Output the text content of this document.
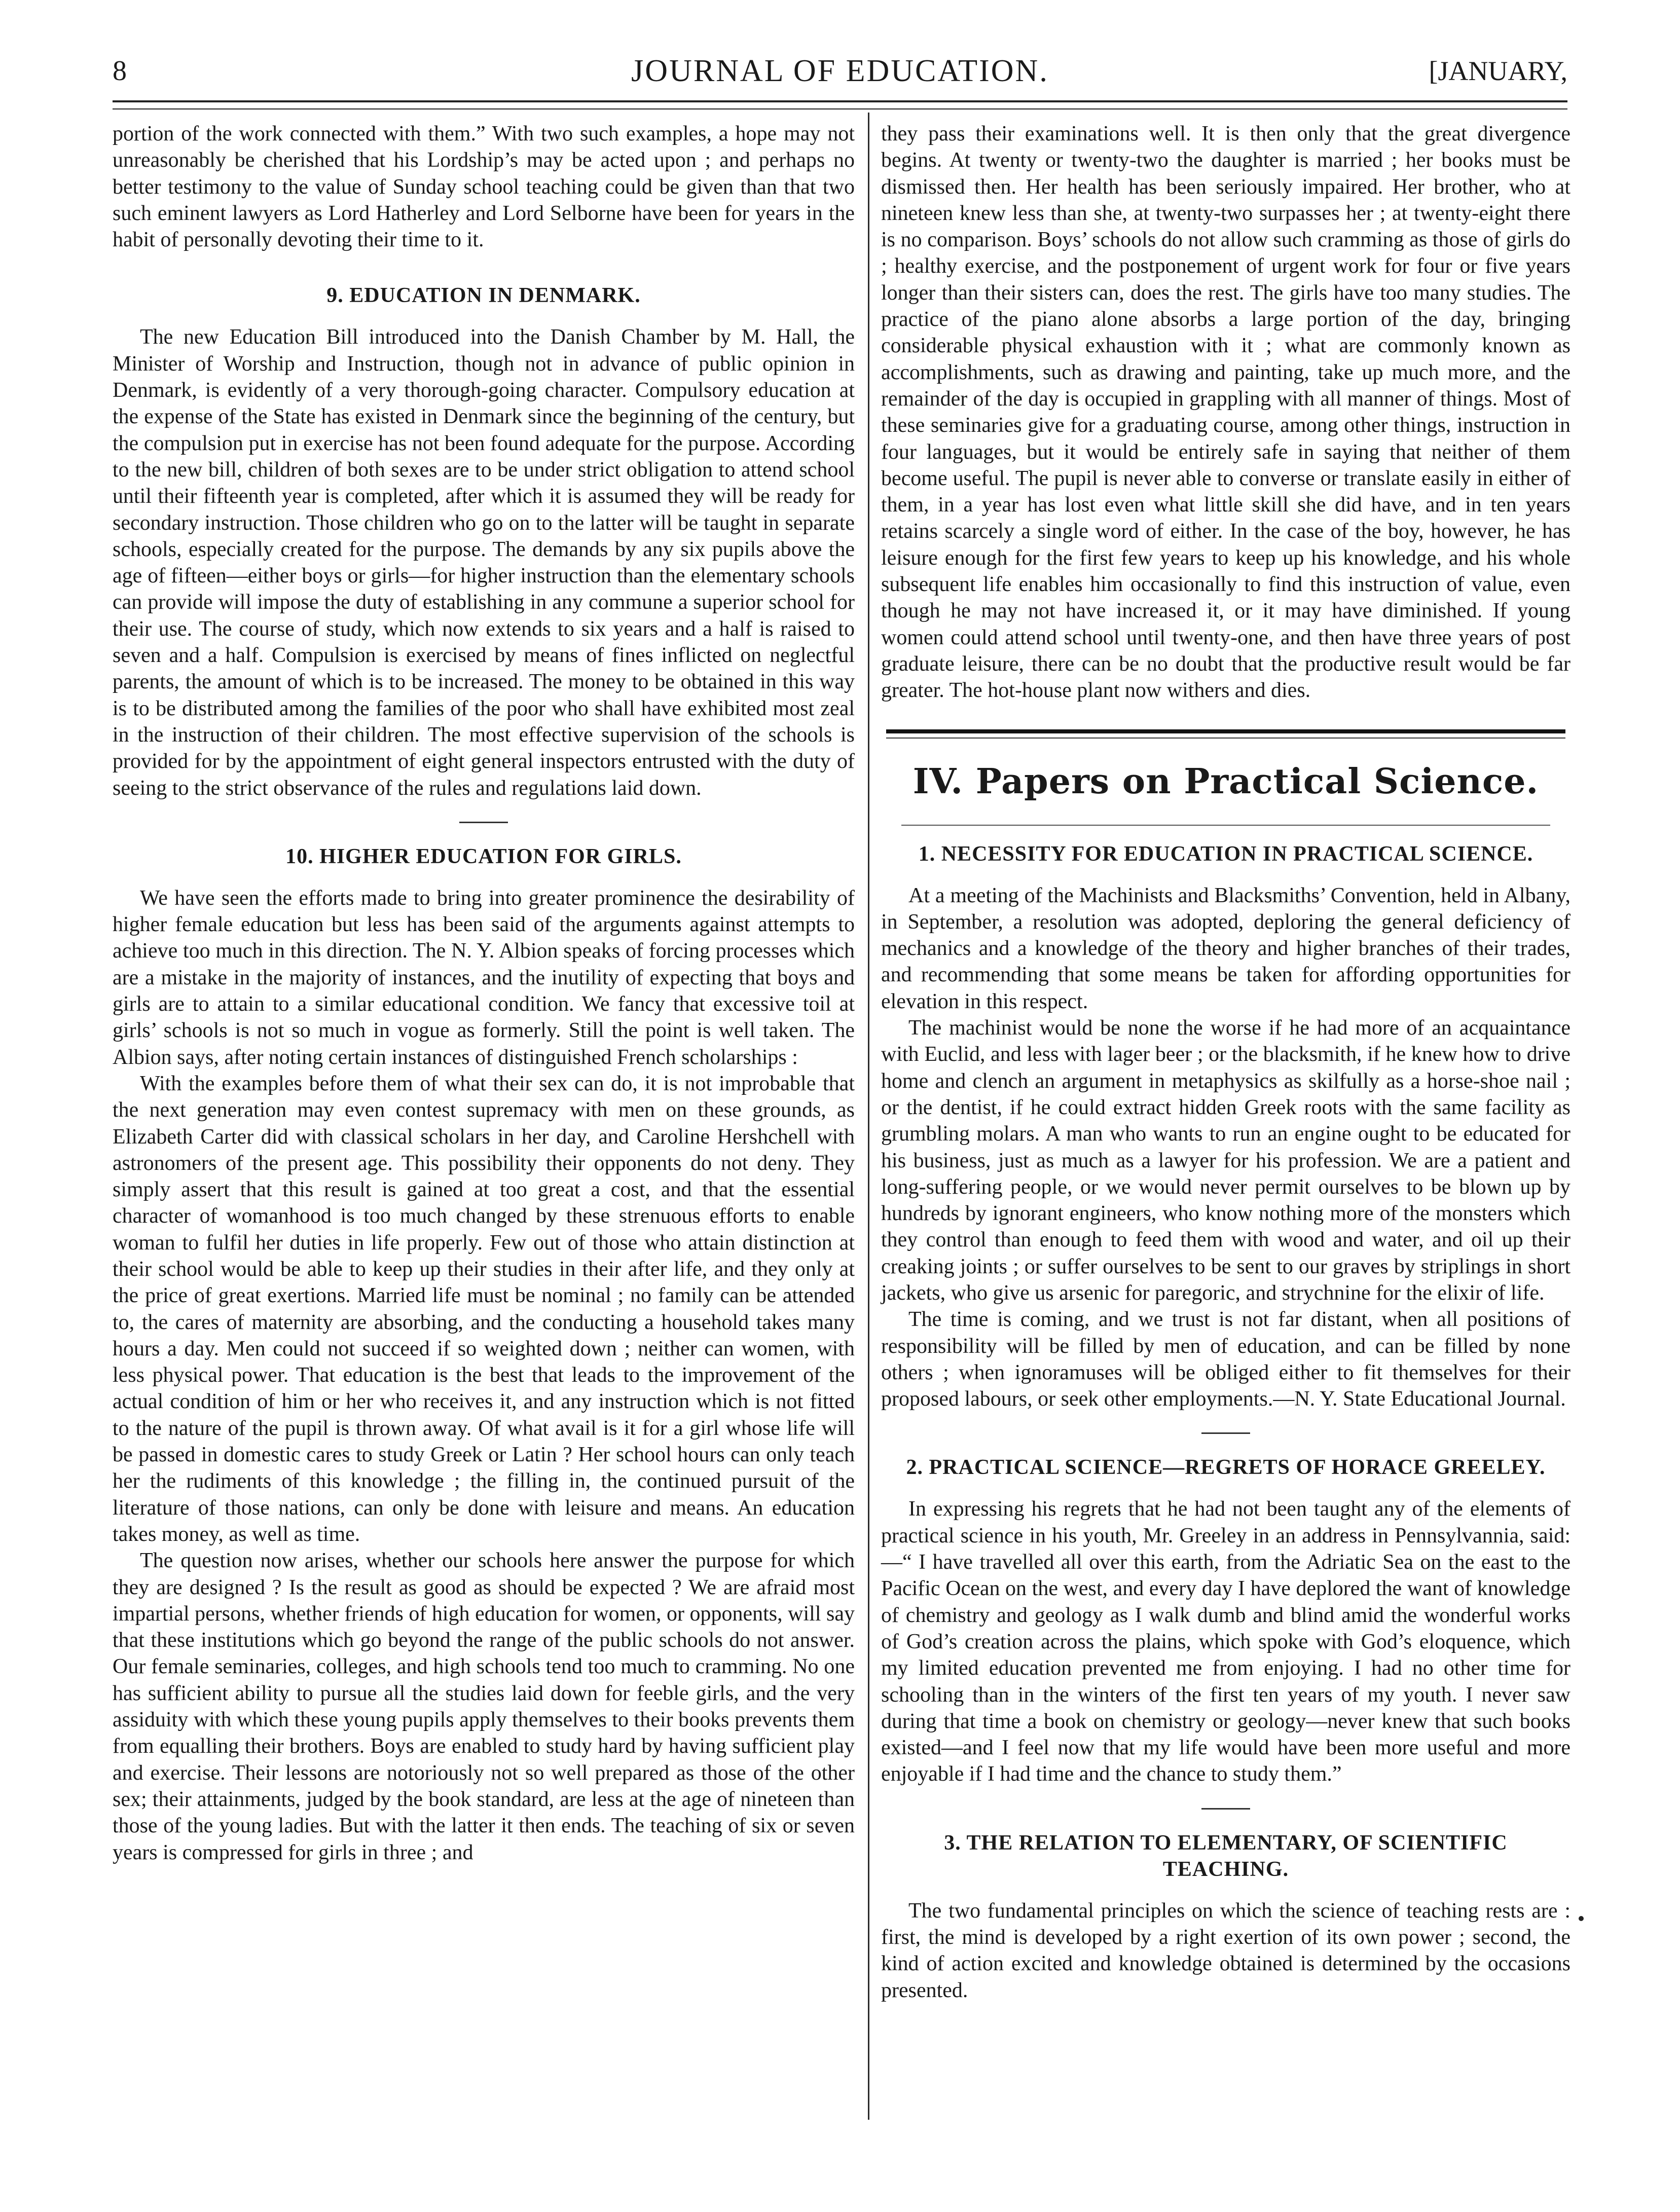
8	JOURNAL OF EDUCATION.	[JANUARY,

portion of the work connected with them.” With two such examples, a hope may not unreasonably be cherished that his Lordship’s may be acted upon ; and perhaps no better testimony to the value of Sunday school teaching could be given than that two such eminent lawyers as Lord Hatherley and Lord Selborne have been for years in the habit of personally devoting their time to it.

9. EDUCATION IN DENMARK.

The new Education Bill introduced into the Danish Chamber by M. Hall, the Minister of Worship and Instruction, though not in advance of public opinion in Denmark, is evidently of a very thorough-going character. Compulsory education at the expense of the State has existed in Denmark since the beginning of the century, but the compulsion put in exercise has not been found adequate for the purpose. According to the new bill, children of both sexes are to be under strict obligation to attend school until their fifteenth year is completed, after which it is assumed they will be ready for secondary instruction. Those children who go on to the latter will be taught in separate schools, especially created for the purpose. The demands by any six pupils above the age of fifteen—either boys or girls—for higher instruction than the elementary schools can provide will impose the duty of establishing in any commune a superior school for their use. The course of study, which now extends to six years and a half is raised to seven and a half. Compulsion is exercised by means of fines inflicted on neglectful parents, the amount of which is to be increased. The money to be obtained in this way is to be distributed among the families of the poor who shall have exhibited most zeal in the instruction of their children. The most effective supervision of the schools is provided for by the appointment of eight general inspectors entrusted with the duty of seeing to the strict observance of the rules and regulations laid down.

10. HIGHER EDUCATION FOR GIRLS.

We have seen the efforts made to bring into greater prominence the desirability of higher female education but less has been said of the arguments against attempts to achieve too much in this direction. The N. Y. Albion speaks of forcing processes which are a mistake in the majority of instances, and the inutility of expecting that boys and girls are to attain to a similar educational condition. We fancy that excessive toil at girls’ schools is not so much in vogue as formerly. Still the point is well taken. The Albion says, after noting certain instances of distinguished French scholarships :

With the examples before them of what their sex can do, it is not improbable that the next generation may even contest supremacy with men on these grounds, as Elizabeth Carter did with classical scholars in her day, and Caroline Hershchell with astronomers of the present age. This possibility their opponents do not deny. They simply assert that this result is gained at too great a cost, and that the essential character of womanhood is too much changed by these strenuous efforts to enable woman to fulfil her duties in life properly. Few out of those who attain distinction at their school would be able to keep up their studies in their after life, and they only at the price of great exertions. Married life must be nominal ; no family can be attended to, the cares of maternity are absorbing, and the conducting a household takes many hours a day. Men could not succeed if so weighted down ; neither can women, with less physical power. That education is the best that leads to the improvement of the actual condition of him or her who receives it, and any instruction which is not fitted to the nature of the pupil is thrown away. Of what avail is it for a girl whose life will be passed in domestic cares to study Greek or Latin ? Her school hours can only teach her the rudiments of this knowledge ; the filling in, the continued pursuit of the literature of those nations, can only be done with leisure and means. An education takes money, as well as time.

The question now arises, whether our schools here answer the purpose for which they are designed ? Is the result as good as should be expected ? We are afraid most impartial persons, whether friends of high education for women, or opponents, will say that these institutions which go beyond the range of the public schools do not answer. Our female seminaries, colleges, and high schools tend too much to cramming. No one has sufficient ability to pursue all the studies laid down for feeble girls, and the very assiduity with which these young pupils apply themselves to their books prevents them from equalling their brothers. Boys are enabled to study hard by having sufficient play and exercise. Their lessons are notoriously not so well prepared as those of the other sex; their attainments, judged by the book standard, are less at the age of nineteen than those of the young ladies. But with the latter it then ends. The teaching of six or seven years is compressed for girls in three ; and

they pass their examinations well. It is then only that the great divergence begins. At twenty or twenty-two the daughter is married ; her books must be dismissed then. Her health has been seriously impaired. Her brother, who at nineteen knew less than she, at twenty-two surpasses her ; at twenty-eight there is no comparison. Boys’ schools do not allow such cramming as those of girls do ; healthy exercise, and the postponement of urgent work for four or five years longer than their sisters can, does the rest. The girls have too many studies. The practice of the piano alone absorbs a large portion of the day, bringing considerable physical exhaustion with it ; what are commonly known as accomplishments, such as drawing and painting, take up much more, and the remainder of the day is occupied in grappling with all manner of things. Most of these seminaries give for a graduating course, among other things, instruction in four languages, but it would be entirely safe in saying that neither of them become useful. The pupil is never able to converse or translate easily in either of them, in a year has lost even what little skill she did have, and in ten years retains scarcely a single word of either. In the case of the boy, however, he has leisure enough for the first few years to keep up his knowledge, and his whole subsequent life enables him occasionally to find this instruction of value, even though he may not have increased it, or it may have diminished. If young women could attend school until twenty-one, and then have three years of post graduate leisure, there can be no doubt that the productive result would be far greater. The hot-house plant now withers and dies.

IV. Papers on Practical Science.
1. NECESSITY FOR EDUCATION IN PRACTICAL SCIENCE.

At a meeting of the Machinists and Blacksmiths’ Convention, held in Albany, in September, a resolution was adopted, deploring the general deficiency of mechanics and a knowledge of the theory and higher branches of their trades, and recommending that some means be taken for affording opportunities for elevation in this respect.

The machinist would be none the worse if he had more of an acquaintance with Euclid, and less with lager beer ; or the blacksmith, if he knew how to drive home and clench an argument in metaphysics as skilfully as a horse-shoe nail ; or the dentist, if he could extract hidden Greek roots with the same facility as grumbling molars. A man who wants to run an engine ought to be educated for his business, just as much as a lawyer for his profession. We are a patient and long-suffering people, or we would never permit ourselves to be blown up by hundreds by ignorant engineers, who know nothing more of the monsters which they control than enough to feed them with wood and water, and oil up their creaking joints ; or suffer ourselves to be sent to our graves by striplings in short jackets, who give us arsenic for paregoric, and strychnine for the elixir of life.

The time is coming, and we trust is not far distant, when all positions of responsibility will be filled by men of education, and can be filled by none others ; when ignoramuses will be obliged either to fit themselves for their proposed labours, or seek other employments.—N. Y. State Educational Journal.

2. PRACTICAL SCIENCE—REGRETS OF HORACE GREELEY.

In expressing his regrets that he had not been taught any of the elements of practical science in his youth, Mr. Greeley in an address in Pennsylvannia, said:—“ I have travelled all over this earth, from the Adriatic Sea on the east to the Pacific Ocean on the west, and every day I have deplored the want of knowledge of chemistry and geology as I walk dumb and blind amid the wonderful works of God’s creation across the plains, which spoke with God’s eloquence, which my limited education prevented me from enjoying. I had no other time for schooling than in the winters of the first ten years of my youth. I never saw during that time a book on chemistry or geology—never knew that such books existed—and I feel now that my life would have been more useful and more enjoyable if I had time and the chance to study them.”

3. THE RELATION TO ELEMENTARY, OF SCIENTIFIC TEACHING.

The two fundamental principles on which the science of teaching rests are : first, the mind is developed by a right exertion of its own power ; second, the kind of action excited and knowledge obtained is determined by the occasions presented.
